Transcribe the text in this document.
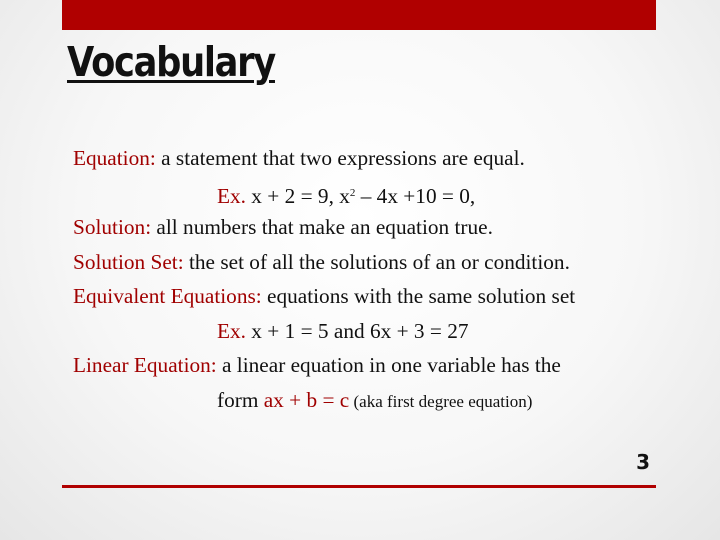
Vocabulary
Equation: a statement that two expressions are equal.
Ex. x + 2 = 9, $x^2 - 4x +10 = 0$,
Solution: all numbers that make an equation true.
Solution Set: the set of all the solutions of an or condition.
Equivalent Equations: equations with the same solution set
Ex. x + 1 = 5 and 6x + 3 = 27
Linear Equation: a linear equation in one variable has the
form ax + b = c (aka first degree equation)
3
